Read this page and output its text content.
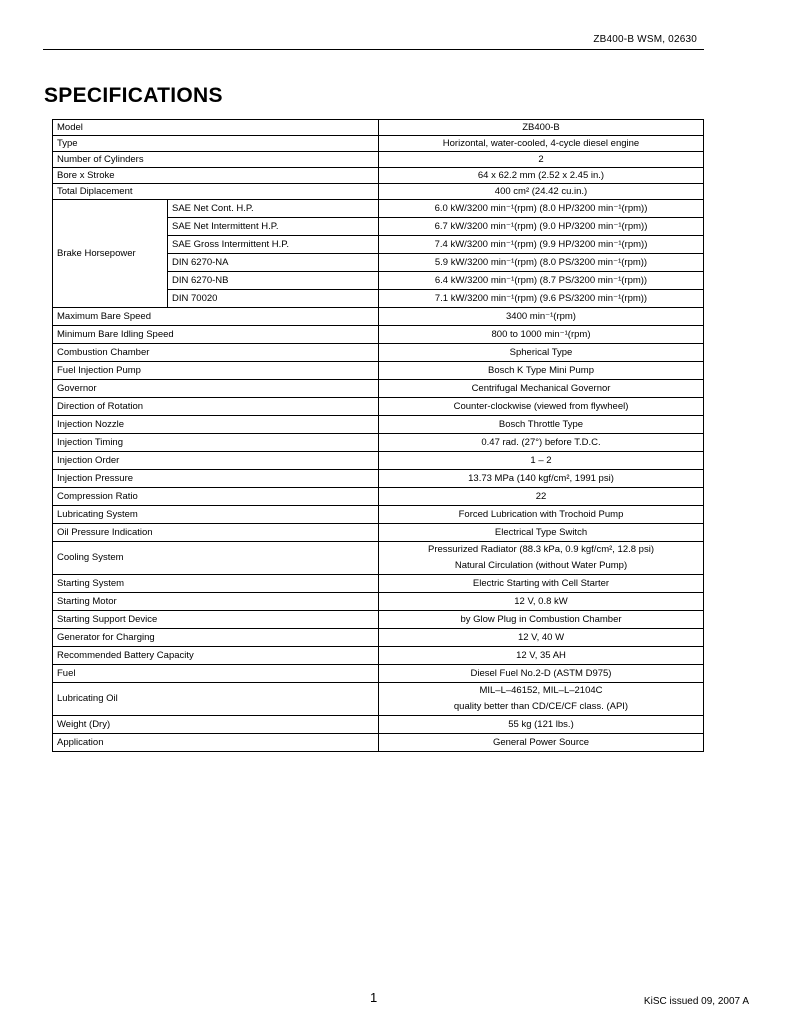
ZB400-B WSM, 02630
SPECIFICATIONS
Model		ZB400-B
Type		Horizontal, water-cooled, 4-cycle diesel engine
Number of Cylinders		2
Bore x Stroke		64 x 62.2 mm (2.52 x 2.45 in.)
Total Diplacement		400 cm² (24.42 cu.in.)
Brake Horsepower	SAE Net Cont. H.P.	6.0 kW/3200 min⁻¹(rpm) (8.0 HP/3200 min⁻¹(rpm))
	SAE Net Intermittent H.P.	6.7 kW/3200 min⁻¹(rpm) (9.0 HP/3200 min⁻¹(rpm))
	SAE Gross Intermittent H.P.	7.4 kW/3200 min⁻¹(rpm) (9.9 HP/3200 min⁻¹(rpm))
	DIN 6270-NA	5.9 kW/3200 min⁻¹(rpm) (8.0 PS/3200 min⁻¹(rpm))
	DIN 6270-NB	6.4 kW/3200 min⁻¹(rpm) (8.7 PS/3200 min⁻¹(rpm))
	DIN 70020	7.1 kW/3200 min⁻¹(rpm) (9.6 PS/3200 min⁻¹(rpm))
Maximum Bare Speed		3400 min⁻¹(rpm)
Minimum Bare Idling Speed		800 to 1000 min⁻¹(rpm)
Combustion Chamber		Spherical Type
Fuel Injection Pump		Bosch K Type Mini Pump
Governor		Centrifugal Mechanical Governor
Direction of Rotation		Counter-clockwise (viewed from flywheel)
Injection Nozzle		Bosch Throttle Type
Injection Timing		0.47 rad. (27°) before T.D.C.
Injection Order		1 – 2
Injection Pressure		13.73 MPa (140 kgf/cm², 1991 psi)
Compression Ratio		22
Lubricating System		Forced Lubrication with Trochoid Pump
Oil Pressure Indication		Electrical Type Switch
Cooling System		Pressurized Radiator (88.3 kPa, 0.9 kgf/cm², 12.8 psi)
Natural Circulation (without Water Pump)

Starting System		Electric Starting with Cell Starter
Starting Motor		12 V, 0.8 kW
Starting Support Device		by Glow Plug in Combustion Chamber
Generator for Charging		12 V, 40 W
Recommended Battery Capacity		12 V, 35 AH
Fuel		Diesel Fuel No.2-D (ASTM D975)
Lubricating Oil		MIL–L–46152, MIL–L–2104C
quality better than CD/CE/CF class. (API)

Weight (Dry)		55 kg (121 lbs.)
Application		General Power Source
1	KiSC issued 09, 2007 A
